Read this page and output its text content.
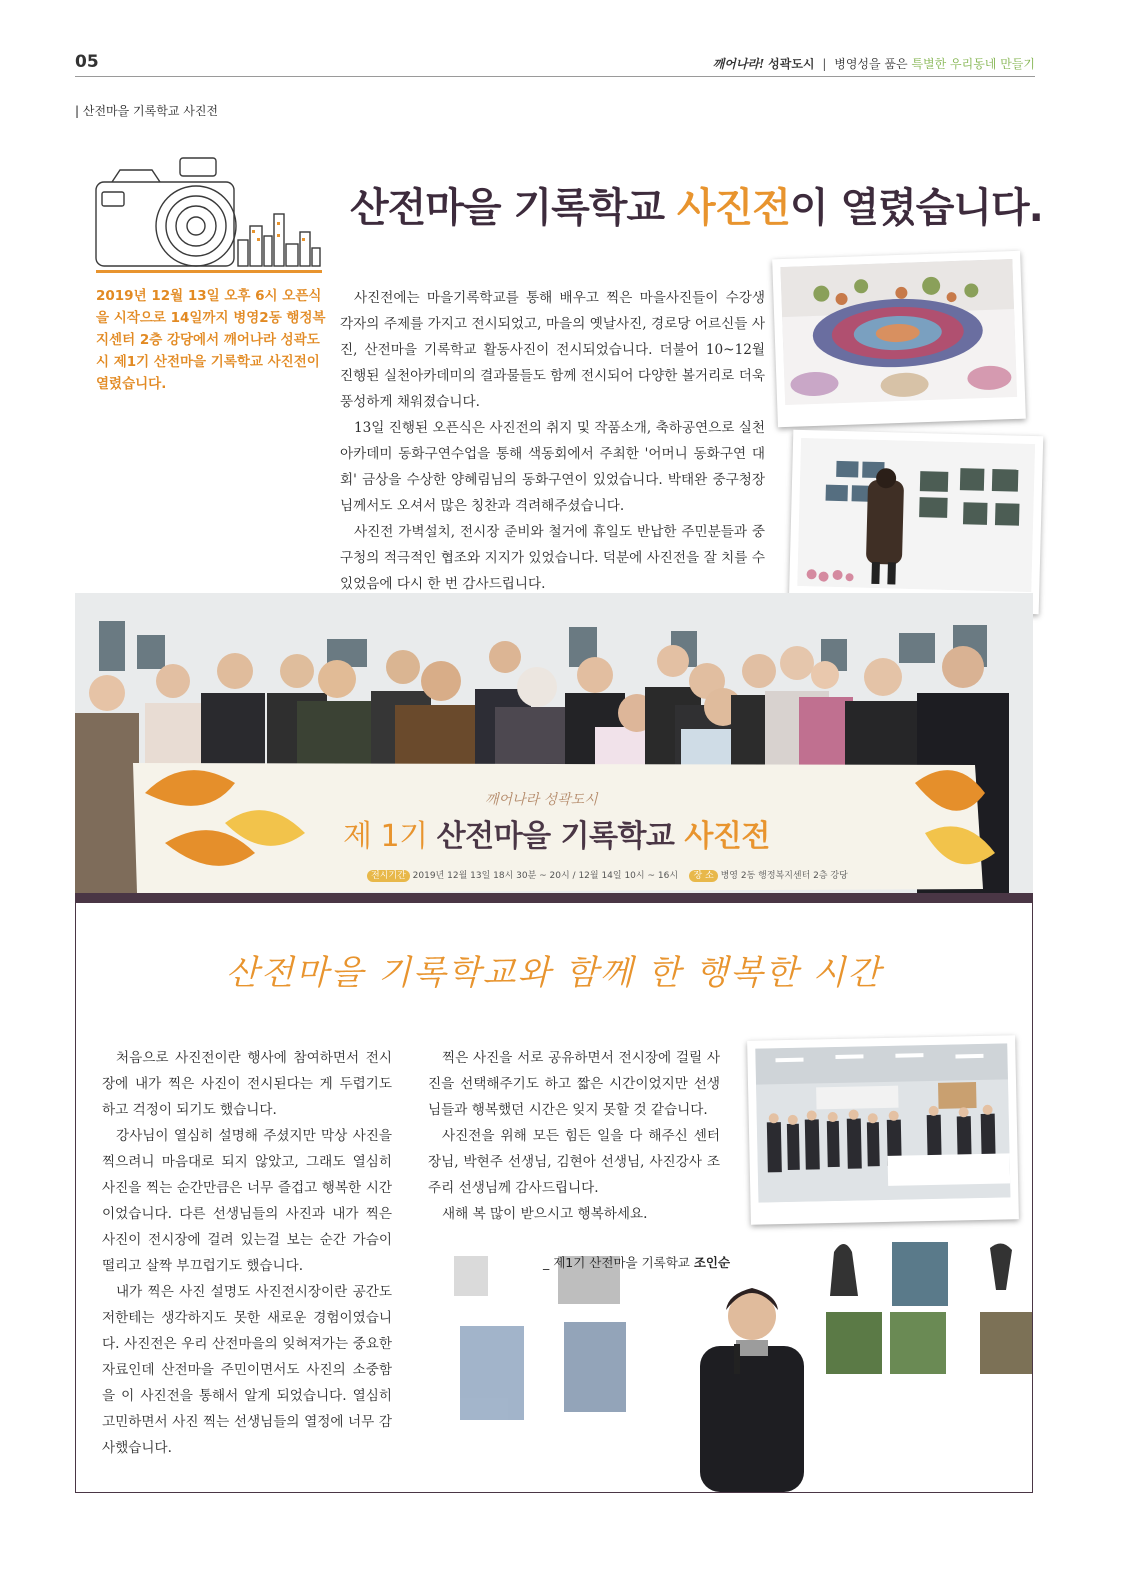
05	깨어나라! 성곽도시 | 병영성을 품은 특별한 우리동네 만들기
| 산전마을 기록학교 사진전
2019년 12월 13일 오후 6시 오픈식을 시작으로 14일까지 병영2동 행정복지센터 2층 강당에서 깨어나라 성곽도시 제1기 산전마을 기록학교 사진전이 열렸습니다.
산전마을 기록학교 사진전이 열렸습니다.

사진전에는 마을기록학교를 통해 배우고 찍은 마을사진들이 수강생 각자의 주제를 가지고 전시되었고, 마을의 옛날사진, 경로당 어르신들 사진, 산전마을 기록학교 활동사진이 전시되었습니다. 더불어 10~12월 진행된 실천아카데미의 결과물들도 함께 전시되어 다양한 볼거리로 더욱 풍성하게 채워졌습니다.

13일 진행된 오픈식은 사진전의 취지 및 작품소개, 축하공연으로 실천아카데미 동화구연수업을 통해 색동회에서 주최한 '어머니 동화구연 대회' 금상을 수상한 양혜림님의 동화구연이 있었습니다. 박태완 중구청장님께서도 오셔서 많은 칭찬과 격려해주셨습니다.

사진전 가벽설치, 전시장 준비와 철거에 휴일도 반납한 주민분들과 중구청의 적극적인 협조와 지지가 있었습니다. 덕분에 사진전을 잘 치를 수 있었음에 다시 한 번 감사드립니다.

깨어나라 성곽도시
제 1기 산전마을 기록학교 사진전
전시기간 2019년 12월 13일 18시 30분 ~ 20시 / 12월 14일 10시 ~ 16시 장 소 병영 2동 행정복지센터 2층 강당
산전마을 기록학교와 함께 한 행복한 시간

처음으로 사진전이란 행사에 참여하면서 전시장에 내가 찍은 사진이 전시된다는 게 두렵기도 하고 걱정이 되기도 했습니다.

강사님이 열심히 설명해 주셨지만 막상 사진을 찍으려니 마음대로 되지 않았고, 그래도 열심히 사진을 찍는 순간만큼은 너무 즐겁고 행복한 시간이었습니다. 다른 선생님들의 사진과 내가 찍은 사진이 전시장에 걸려 있는걸 보는 순간 가슴이 떨리고 살짝 부끄럽기도 했습니다.

내가 찍은 사진 설명도 사진전시장이란 공간도 저한테는 생각하지도 못한 새로운 경험이였습니다. 사진전은 우리 산전마을의 잊혀져가는 중요한 자료인데 산전마을 주민이면서도 사진의 소중함을 이 사진전을 통해서 알게 되었습니다. 열심히 고민하면서 사진 찍는 선생님들의 열정에 너무 감사했습니다.

찍은 사진을 서로 공유하면서 전시장에 걸릴 사진을 선택해주기도 하고 짧은 시간이었지만 선생님들과 행복했던 시간은 잊지 못할 것 같습니다.

사진전을 위해 모든 힘든 일을 다 해주신 센터장님, 박현주 선생님, 김현아 선생님, 사진강사 조주리 선생님께 감사드립니다.

새해 복 많이 받으시고 행복하세요.

_ 제1기 산전마을 기록학교 조인순
